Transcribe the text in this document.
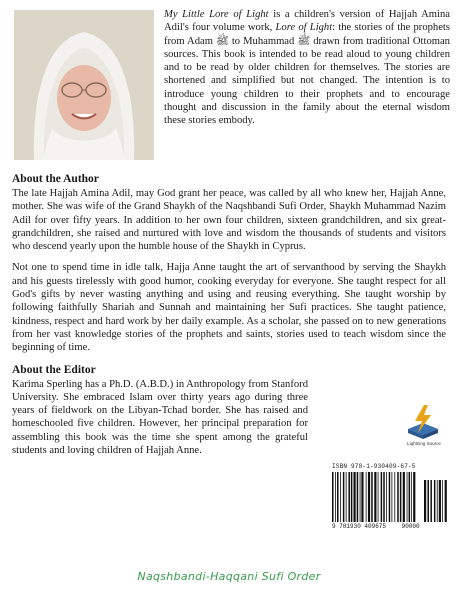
My Little Lore of Light is a children's version of Hajjah Amina Adil's four volume work, Lore of Light: the stories of the prophets from Adam ﷺ to Muhammad ﷺ drawn from traditional Ottoman sources. This book is intended to be read aloud to young children and to be read by older children for themselves. The stories are shortened and simplified but not changed. The intention is to introduce young children to their prophets and to encourage thought and discussion in the family about the eternal wisdom these stories embody.
About the Author

The late Hajjah Amina Adil, may God grant her peace, was called by all who knew her, Hajjah Anne, mother. She was wife of the Grand Shaykh of the Naqshbandi Sufi Order, Shaykh Muhammad Nazim Adil for over fifty years. In addition to her own four children, sixteen grandchildren, and six great-grandchildren, she raised and nurtured with love and wisdom the thousands of students and visitors who descend yearly upon the humble house of the Shaykh in Cyprus.

Not one to spend time in idle talk, Hajja Anne taught the art of servanthood by serving the Shaykh and his guests tirelessly with good humor, cooking everyday for everyone. She taught respect for all God's gifts by never wasting anything and using and reusing everything. She taught worship by following faithfully Shariah and Sunnah and maintaining her Sufi practices. She taught patience, kindness, respect and hard work by her daily example. As a scholar, she passed on to new generations from her vast knowledge stories of the prophets and saints, stories used to teach wisdom since the beginning of time.

About the Editor
Karima Sperling has a Ph.D. (A.B.D.) in Anthropology from Stanford University. She embraced Islam over thirty years ago during three years of fieldwork on the Libyan-Tchad border. She has raised and homeschooled five children. However, her principal preparation for assembling this book was the time she spent among the grateful students and loving children of Hajjah Anne.
Lightning Source
ISBN 978-1-930409-67-5
9 781930 409675	90000
Naqshbandi-Haqqani Sufi Order
